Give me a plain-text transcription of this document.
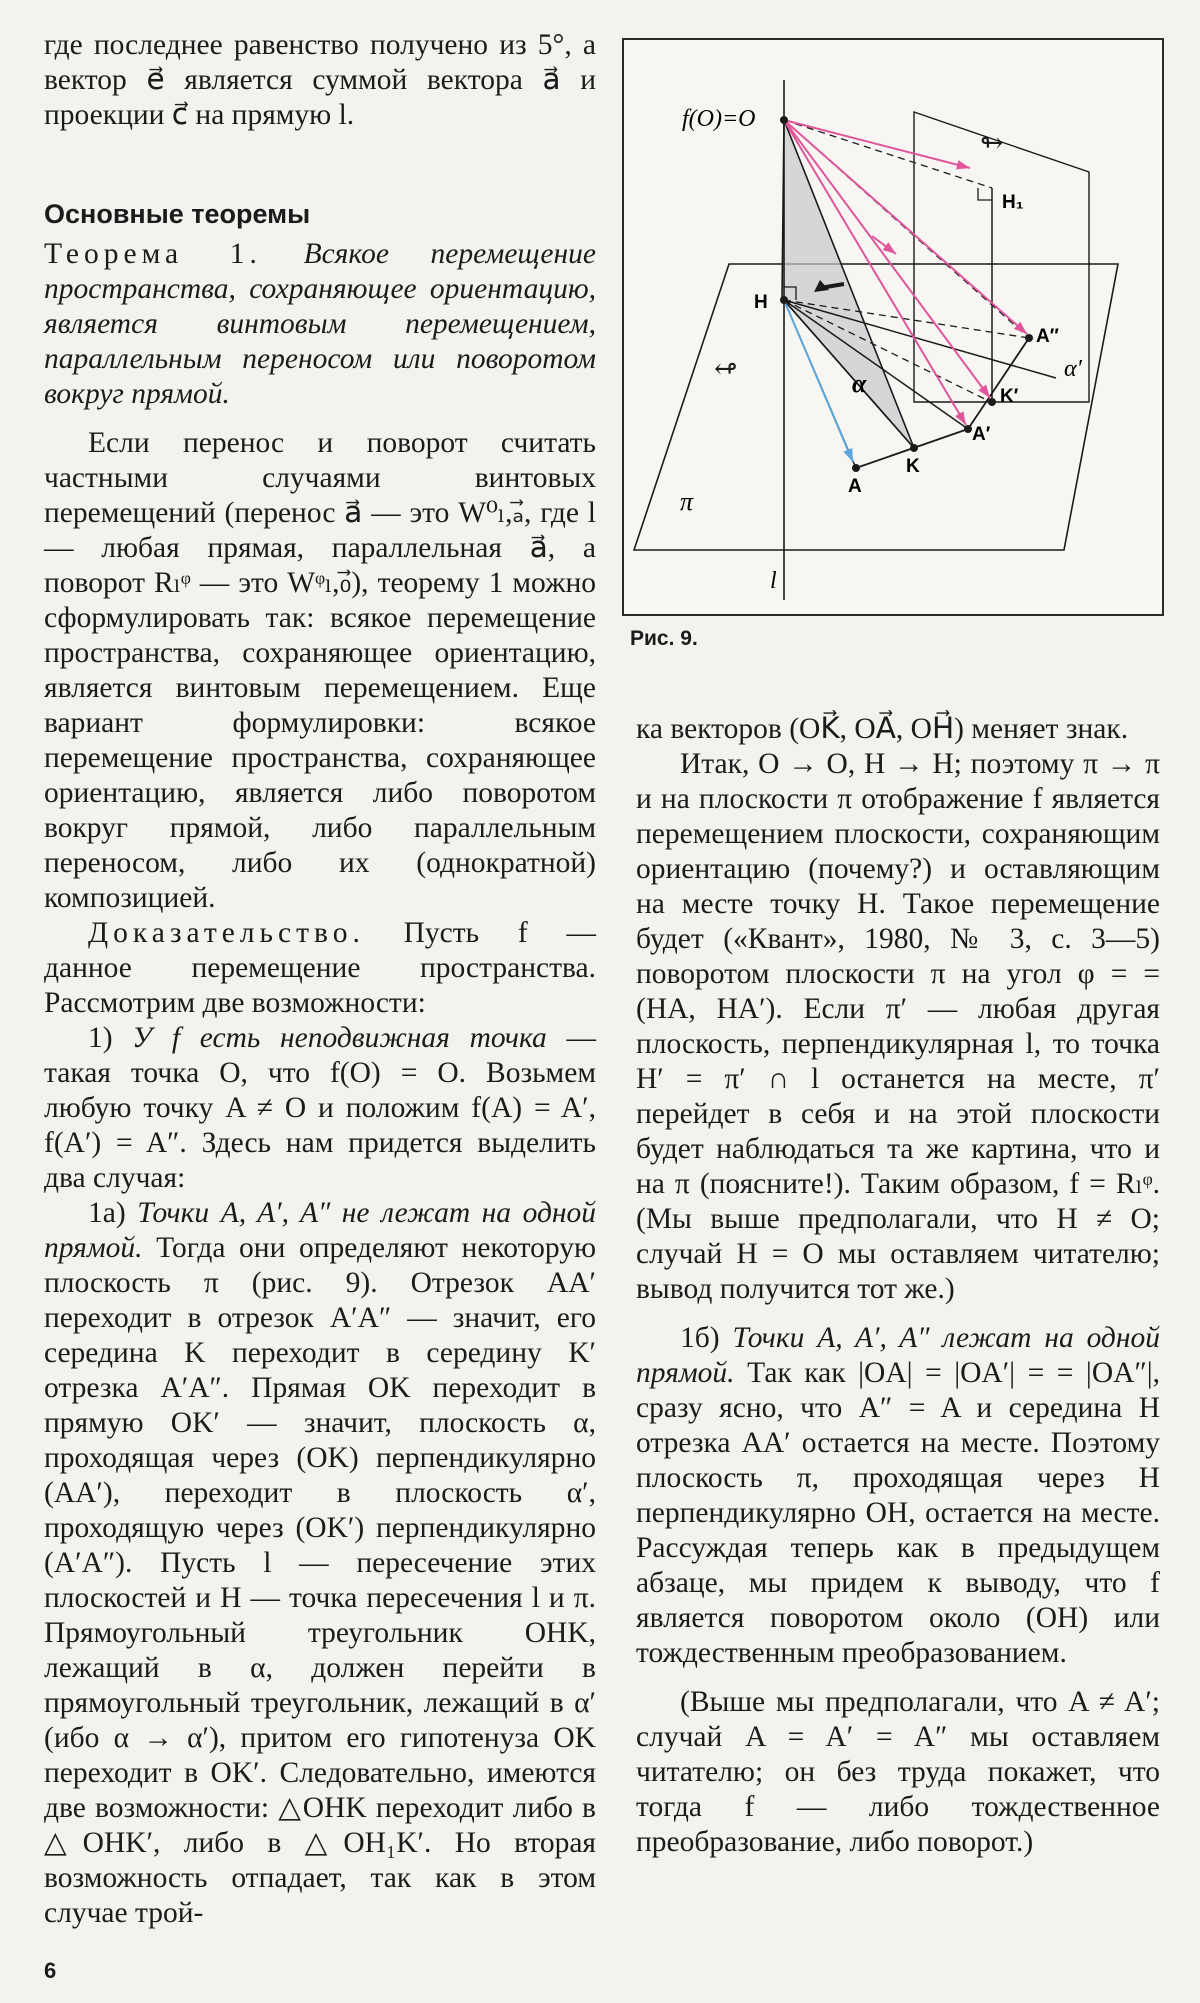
где последнее равенство получено из 5°, а вектор e⃗ является суммой вектора a⃗ и проекции c⃗ на прямую l.

Основные теоремы

Теорема 1. Всякое перемещение пространства, сохраняющее ориентацию, является винтовым перемещением, параллельным переносом или поворотом вокруг прямой.

Если перенос и поворот считать частными случаями винтовых перемещений (перенос a⃗ — это W⁰ₗ,ₐ⃗, где l — любая прямая, параллельная a⃗, а поворот Rₗᵠ — это Wᵠₗ,₀⃗), теорему 1 можно сформулировать так: всякое перемещение пространства, сохраняющее ориентацию, является винтовым перемещением. Еще вариант формулировки: всякое перемещение пространства, сохраняющее ориентацию, является либо поворотом вокруг прямой, либо параллельным переносом, либо их (однократной) композицией.

Доказательство. Пусть f — данное перемещение пространства. Рассмотрим две возможности:

1) У f есть неподвижная точка — такая точка O, что f(O) = O. Возьмем любую точку A ≠ O и положим f(A) = A′, f(A′) = A″. Здесь нам придется выделить два случая:

1а) Точки A, A′, A″ не лежат на одной прямой. Тогда они определяют некоторую плоскость π (рис. 9). Отрезок AA′ переходит в отрезок A′A″ — значит, его середина K переходит в середину K′ отрезка A′A″. Прямая OK переходит в прямую OK′ — значит, плоскость α, проходящая через (OK) перпендикулярно (AA′), переходит в плоскость α′, проходящую через (OK′) перпендикулярно (A′A″). Пусть l — пересечение этих плоскостей и H — точка пересечения l и π. Прямоугольный треугольник OHK, лежащий в α, должен перейти в прямоугольный треугольник, лежащий в α′ (ибо α → α′), притом его гипотенуза OK переходит в OK′. Следовательно, имеются две возможности: △OHK переходит либо в △OHK′, либо в △OH₁K′. Но вторая возможность отпадает, так как в этом случае трой-

↬
↫
f(O)=O
H₁
H
A″
α′
K′
A′
α
K
A
π
l
Рис. 9.

ка векторов (OK⃗, OA⃗, OH⃗) меняет знак.

Итак, O → O, H → H; поэтому π → π и на плоскости π отображение f является перемещением плоскости, сохраняющим ориентацию (почему?) и оставляющим на месте точку H. Такое перемещение будет («Квант», 1980, № 3, с. 3—5) поворотом плоскости π на угол φ = = (HA, HA′). Если π′ — любая другая плоскость, перпендикулярная l, то точка H′ = π′ ∩ l останется на месте, π′ перейдет в себя и на этой плоскости будет наблюдаться та же картина, что и на π (поясните!). Таким образом, f = Rₗᵠ. (Мы выше предполагали, что H ≠ O; случай H = O мы оставляем читателю; вывод получится тот же.)

1б) Точки A, A′, A″ лежат на одной прямой. Так как |OA| = |OA′| = = |OA″|, сразу ясно, что A″ = A и середина H отрезка AA′ остается на месте. Поэтому плоскость π, проходящая через H перпендикулярно OH, остается на месте. Рассуждая теперь как в предыдущем абзаце, мы придем к выводу, что f является поворотом около (OH) или тождественным преобразованием.

(Выше мы предполагали, что A ≠ A′; случай A = A′ = A″ мы оставляем читателю; он без труда покажет, что тогда f — либо тождественное преобразование, либо поворот.)

6
